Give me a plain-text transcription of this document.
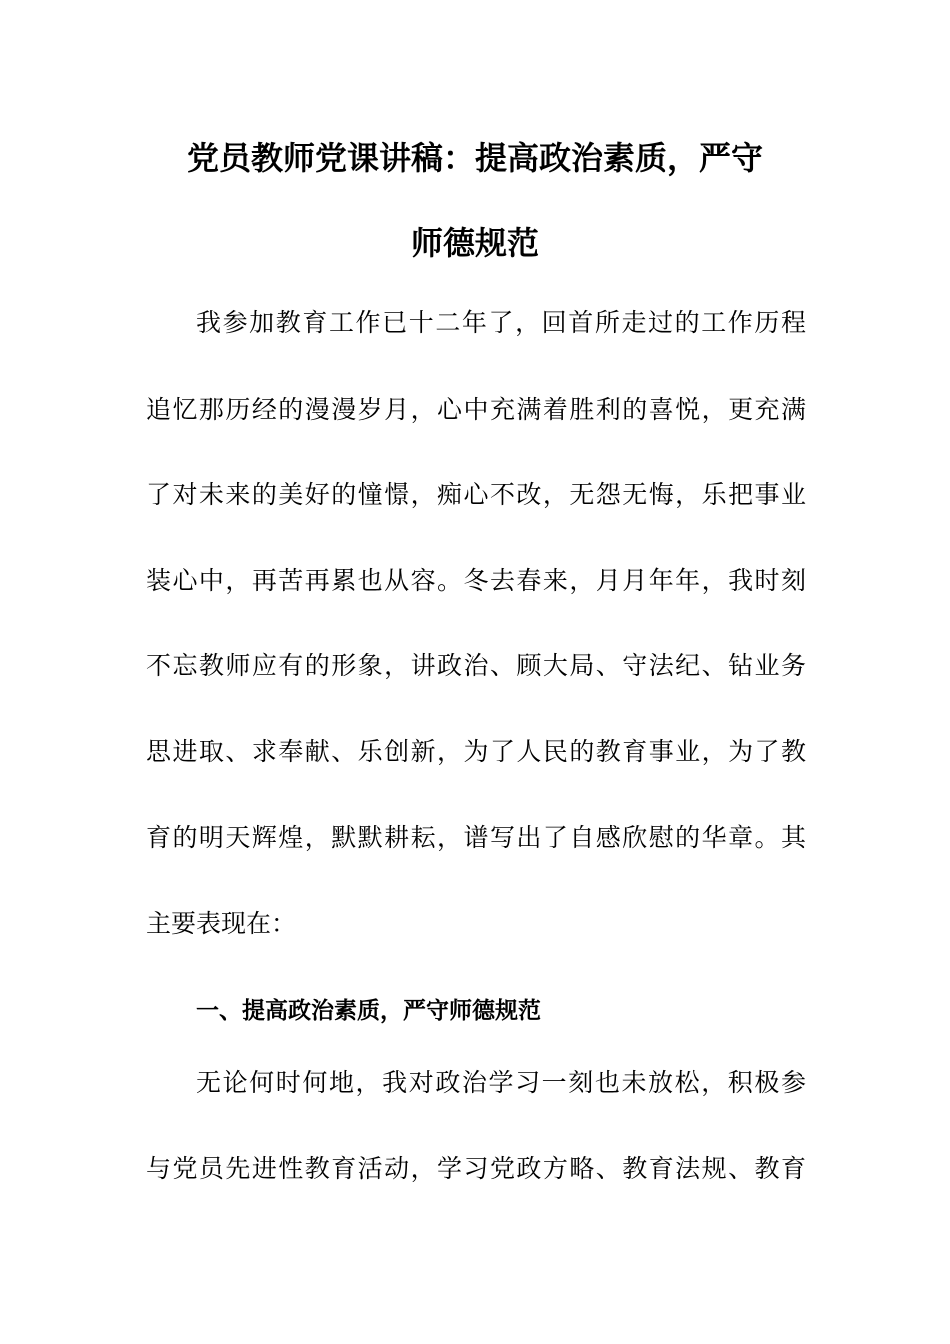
党员教师党课讲稿：提高政治素质，严守
师德规范
我参加教育工作已十二年了，回首所走过的工作历程
追忆那历经的漫漫岁月，心中充满着胜利的喜悦，更充满
了对未来的美好的憧憬，痴心不改，无怨无悔，乐把事业
装心中，再苦再累也从容。冬去春来，月月年年，我时刻
不忘教师应有的形象，讲政治、顾大局、守法纪、钻业务
思进取、求奉献、乐创新，为了人民的教育事业，为了教
育的明天辉煌，默默耕耘，谱写出了自感欣慰的华章。其
主要表现在：
一、提高政治素质，严守师德规范
无论何时何地，我对政治学习一刻也未放松，积极参
与党员先进性教育活动，学习党政方略、教育法规、教育
